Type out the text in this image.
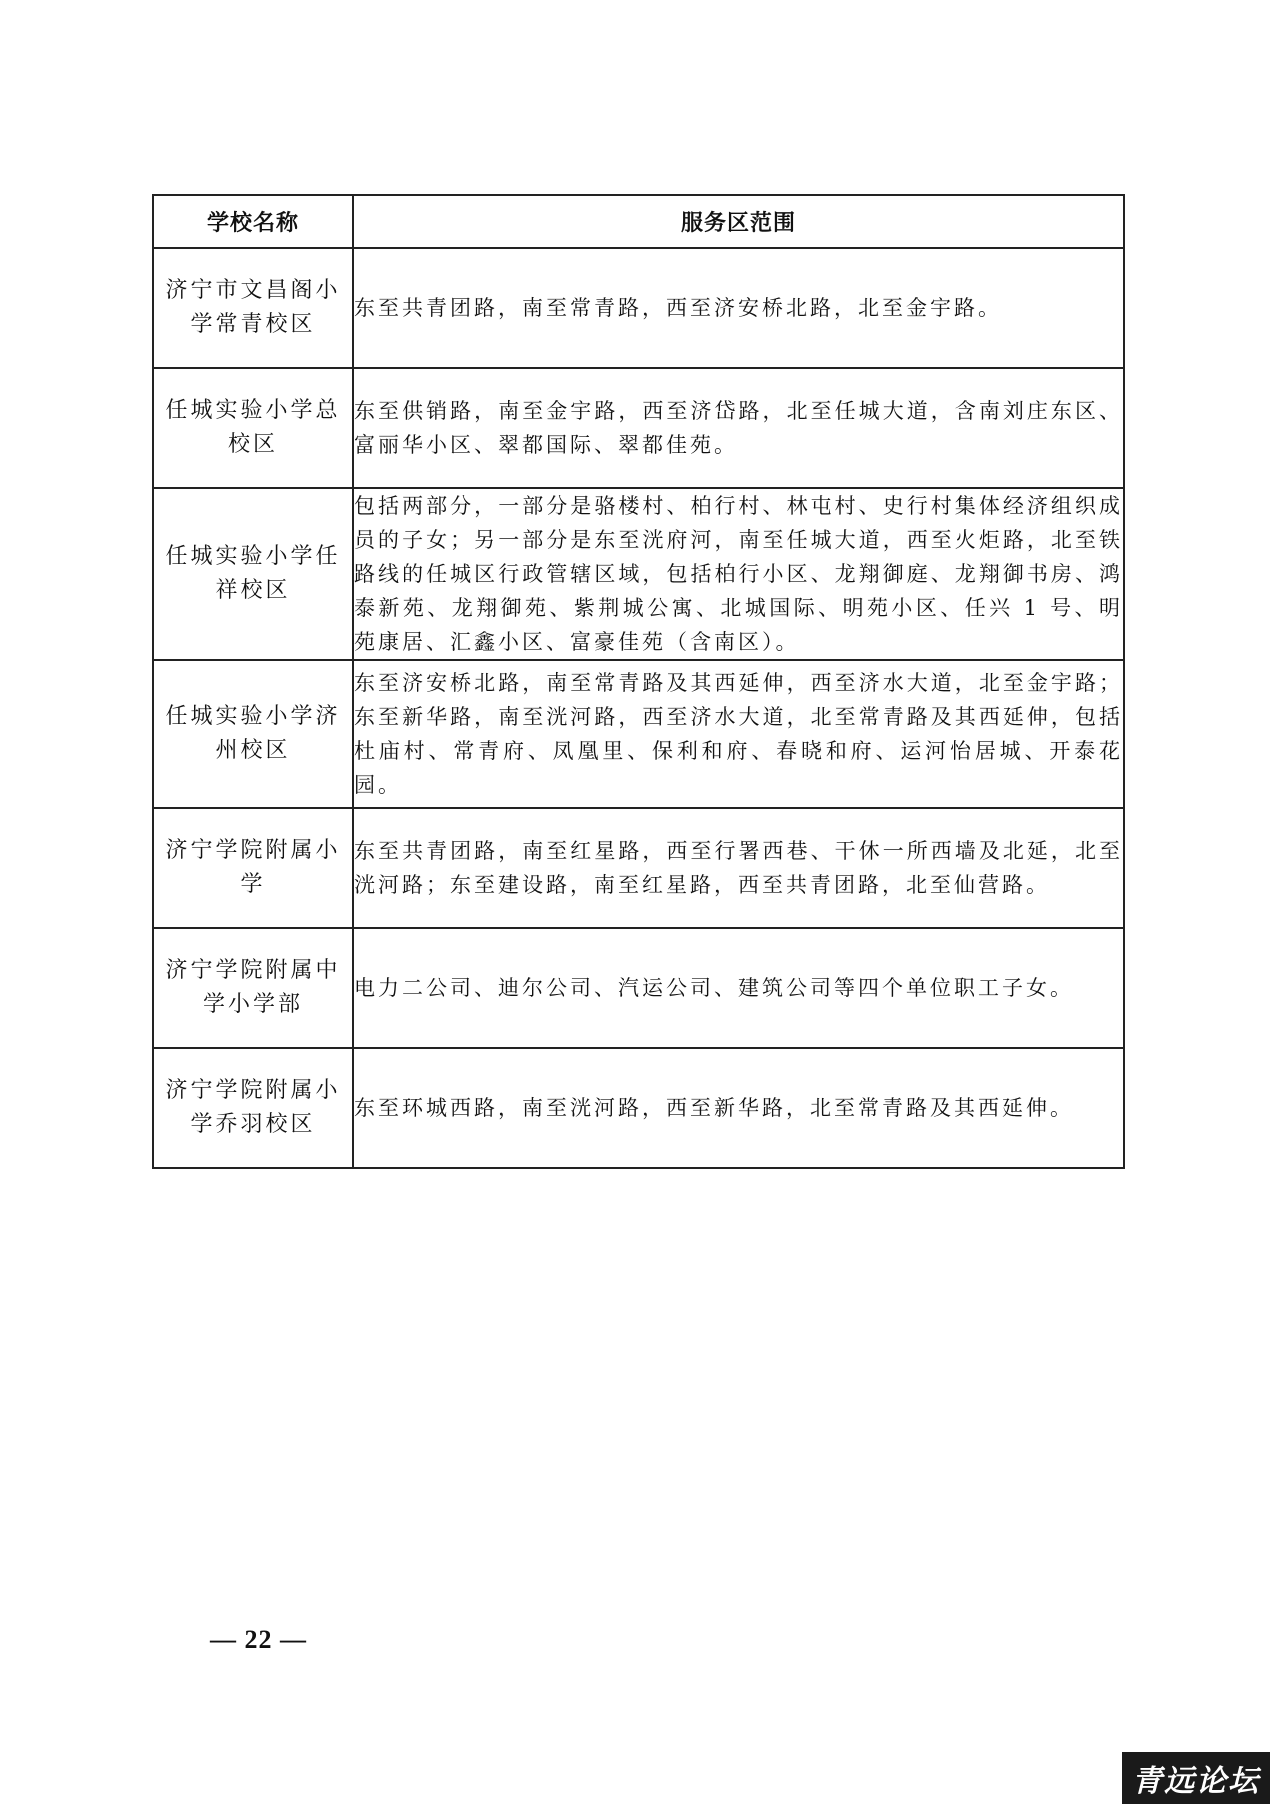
学校名称	服务区范围
济宁市文昌阁小学常青校区	东至共青团路，南至常青路，西至济安桥北路，北至金宇路。
任城实验小学总校区	东至供销路，南至金宇路，西至济岱路，北至任城大道，含南刘庄东区、富丽华小区、翠都国际、翠都佳苑。
任城实验小学任祥校区	包括两部分，一部分是骆楼村、柏行村、林屯村、史行村集体经济组织成员的子女；另一部分是东至洸府河，南至任城大道，西至火炬路，北至铁路线的任城区行政管辖区域，包括柏行小区、龙翔御庭、龙翔御书房、鸿泰新苑、龙翔御苑、紫荆城公寓、北城国际、明苑小区、任兴 1 号、明苑康居、汇鑫小区、富豪佳苑（含南区）。
任城实验小学济州校区	东至济安桥北路，南至常青路及其西延伸，西至济水大道，北至金宇路；东至新华路，南至洸河路，西至济水大道，北至常青路及其西延伸，包括杜庙村、常青府、凤凰里、保利和府、春晓和府、运河怡居城、开泰花园。
济宁学院附属小学	东至共青团路，南至红星路，西至行署西巷、干休一所西墙及北延，北至洸河路；东至建设路，南至红星路，西至共青团路，北至仙营路。
济宁学院附属中学小学部	电力二公司、迪尔公司、汽运公司、建筑公司等四个单位职工子女。
济宁学院附属小学乔羽校区	东至环城西路，南至洸河路，西至新华路，北至常青路及其西延伸。
— 22 —
青远论坛
